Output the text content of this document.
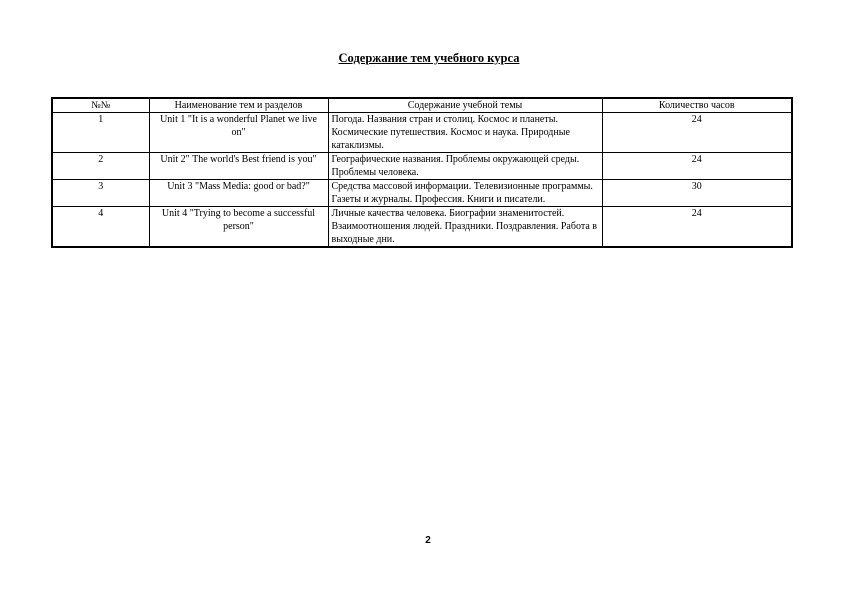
Содержание тем учебного курса
№№	Наименование тем и разделов	Содержание учебной темы	Количество часов
1	Unit 1 "It is a wonderful Planet we live on"	Погода. Названия стран и столиц. Космос и планеты. Космические путешествия. Космос и наука. Природные катаклизмы.	24
2	Unit 2" The world's Best friend is you"	Географические названия. Проблемы окружающей среды. Проблемы человека.	24
3	Unit 3 "Mass Media: good or bad?"	Средства массовой информации. Телевизионные программы. Газеты и журналы. Профессия. Книги и писатели.	30
4	Unit 4 "Trying to become a successful person"	Личные качества человека. Биографии знаменитостей. Взаимоотношения людей. Праздники. Поздравления. Работа в выходные дни.	24
2
